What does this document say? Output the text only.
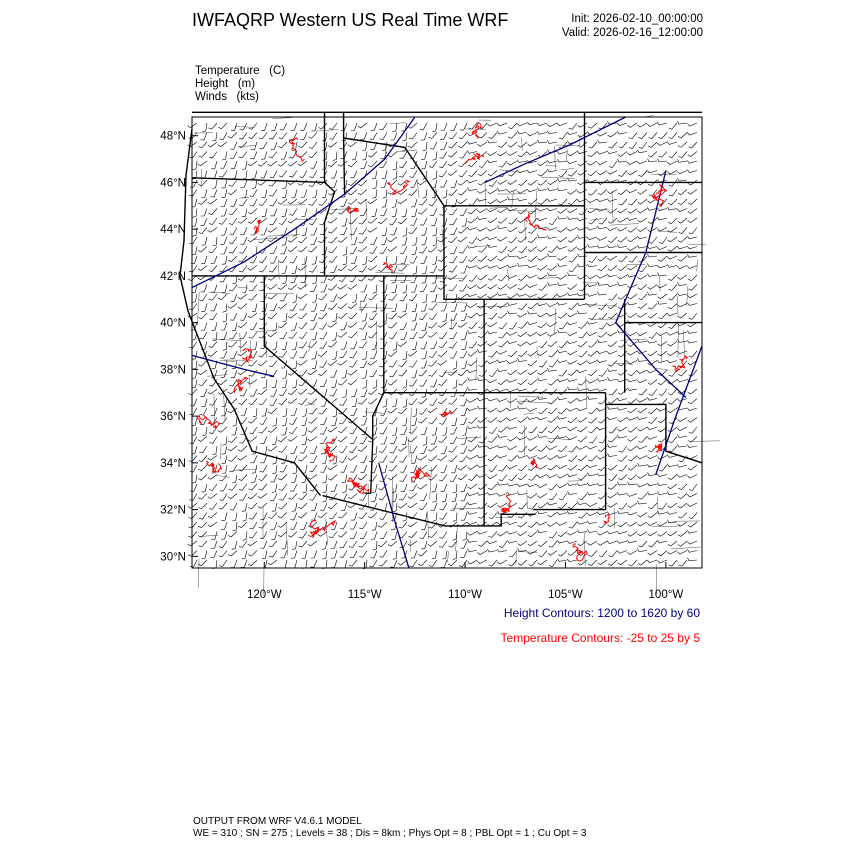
IWFAQRP Western US Real Time WRF	Init: 2026-02-10_00:00:00
Valid: 2026-02-16_12:00:00
Temperature (C)
Height (m)
Winds (kts)
48°N
46°N
44°N
42°N
40°N
38°N
36°N
34°N
32°N
30°N
120°W	115°W	110°W	105°W	100°W
Height Contours: 1200 to 1620 by 60
Temperature Contours: -25 to 25 by 5
OUTPUT FROM WRF V4.6.1 MODEL
WE = 310 ; SN = 275 ; Levels = 38 ; Dis = 8km ; Phys Opt = 8 ; PBL Opt = 1 ; Cu Opt = 3
